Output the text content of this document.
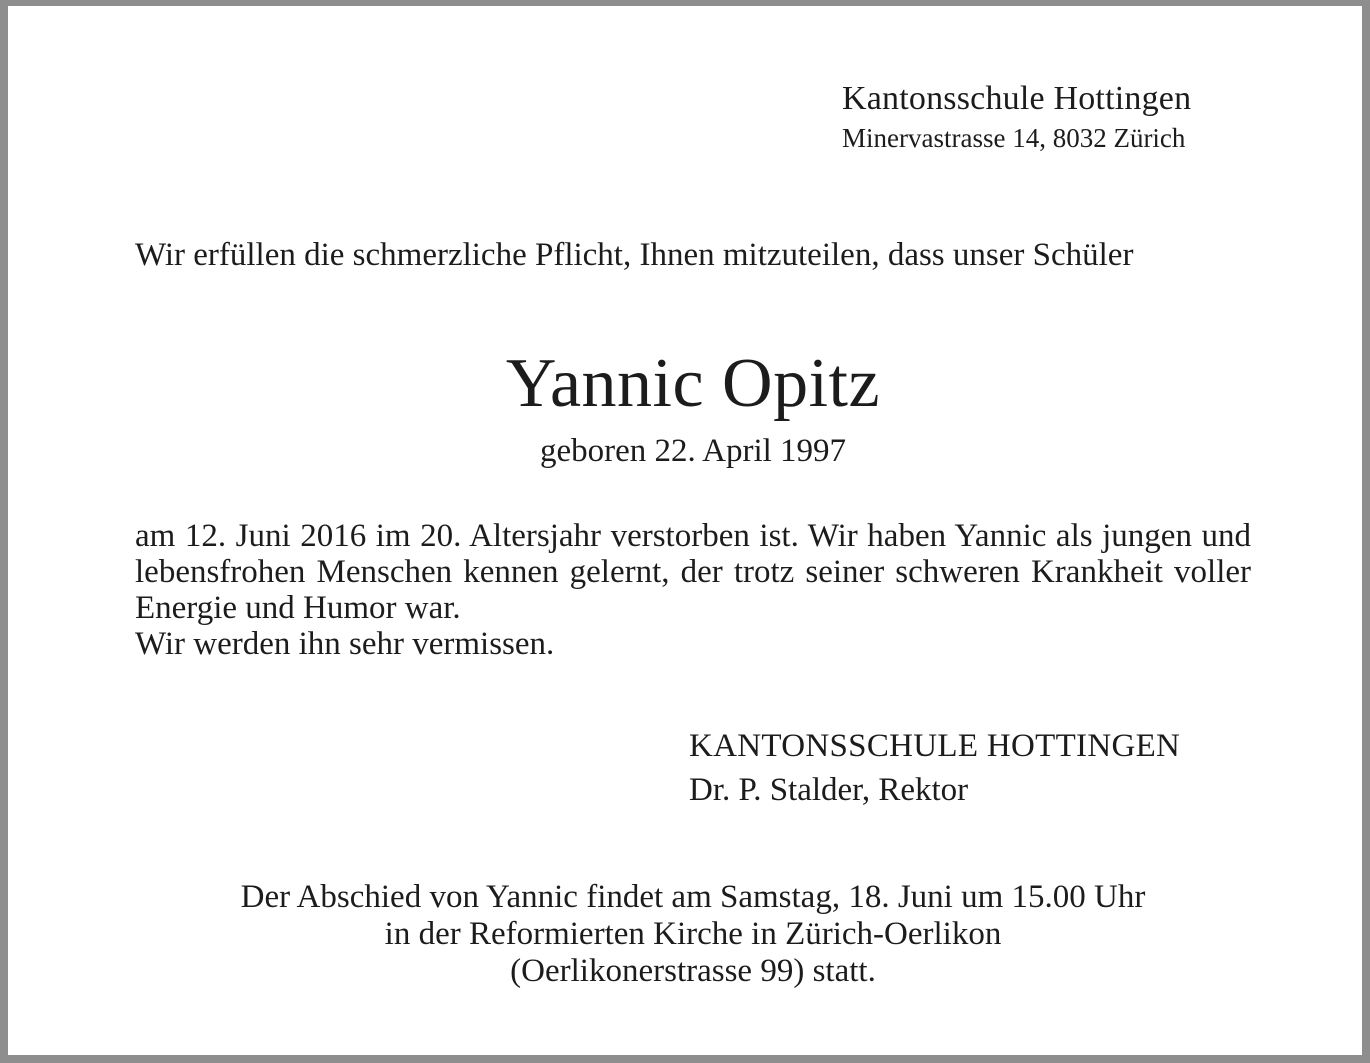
Kantonsschule Hottingen
Minervastrasse 14, 8032 Zürich
Wir erfüllen die schmerzliche Pflicht, Ihnen mitzuteilen, dass unser Schüler
Yannic Opitz
geboren 22. April 1997
am 12. Juni 2016 im 20. Altersjahr verstorben ist. Wir haben Yannic als jungen und lebensfrohen Menschen kennen gelernt, der trotz seiner schweren Krankheit voller Energie und Humor war.
Wir werden ihn sehr vermissen.
KANTONSSCHULE HOTTINGEN
Dr. P. Stalder, Rektor
Der Abschied von Yannic findet am Samstag, 18. Juni um 15.00 Uhr
in der Reformierten Kirche in Zürich-Oerlikon
(Oerlikonerstrasse 99) statt.
